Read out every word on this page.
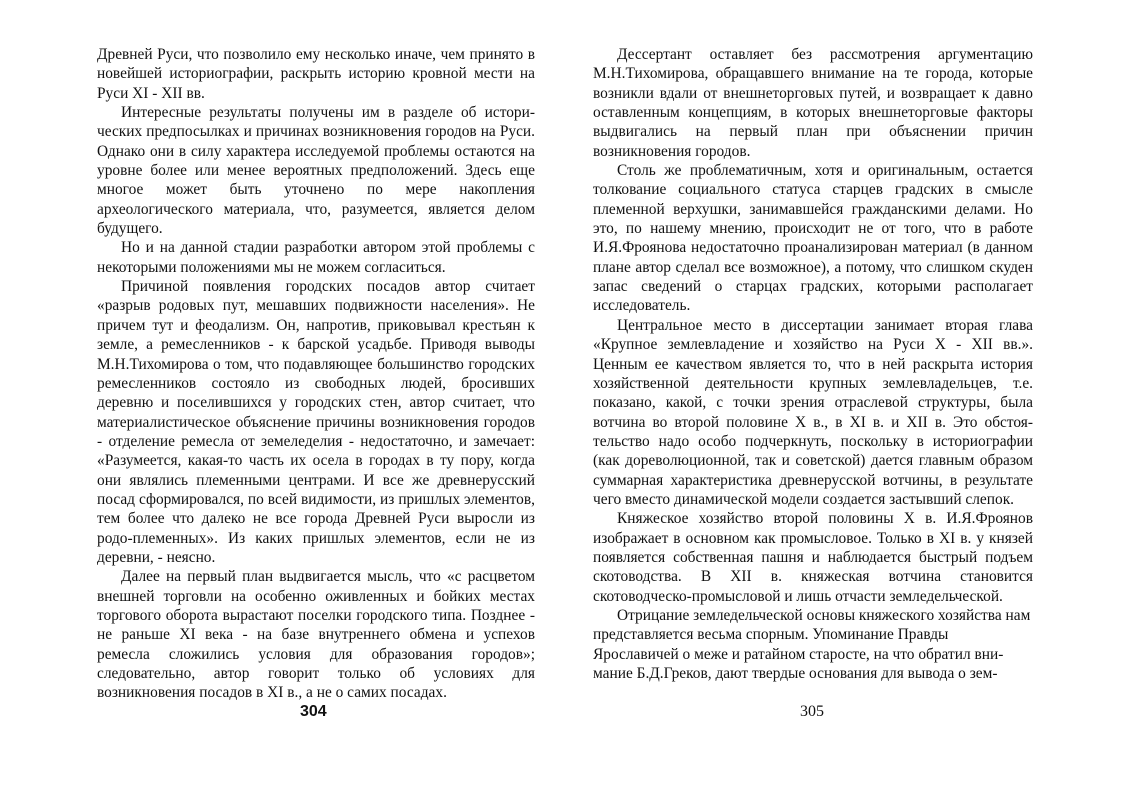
Древней Руси, что позволило ему несколько иначе, чем принято в новейшей историографии, раскрыть историю кровной мести на Руси XI - XII вв.

Интересные результаты получены им в разделе об исторических предпосылках и причинах возникновения городов на Руси. Однако они в силу характера исследуемой проблемы остаются на уровне более или менее вероятных предположений. Здесь еще многое может быть уточнено по мере накопления археологического материала, что, разумеется, является делом будущего.

Но и на данной стадии разработки автором этой проблемы с некоторыми положениями мы не можем согласиться.

Причиной появления городских посадов автор считает «разрыв родовых пут, мешавших подвижности населения». Не причем тут и феодализм. Он, напротив, приковывал крестьян к земле, а ремесленников - к барской усадьбе. Приводя выводы М.Н.Тихомирова о том, что подавляющее большинство городских ремесленников состояло из свободных людей, бросивших деревню и поселившихся у городских стен, автор считает, что материалистическое объяснение причины возникновения городов - отделение ремесла от земеледелия - недостаточно, и замечает: «Разумеется, какая-то часть их осела в городах в ту пору, когда они являлись племенными центрами. И все же древнерусский посад сформировался, по всей видимости, из пришлых элементов, тем более что далеко не все города Древней Руси выросли из родо-племенных». Из каких пришлых элементов, если не из деревни, - неясно.

Далее на первый план выдвигается мысль, что «с расцветом внешней торговли на особенно оживленных и бойких местах торгового оборота вырастают поселки городского типа. Позднее - не раньше XI века - на базе внутреннего обмена и успехов ремесла сложились условия для образования городов»; следовательно, автор говорит только об условиях для возникновения посадов в XI в., а не о самих посадах.

Дессертант оставляет без рассмотрения аргументацию М.Н.Тихомирова, обращавшего внимание на те города, которые возникли вдали от внешнеторговых путей, и возвращает к давно оставленным концепциям, в которых внешнеторговые факторы выдвигались на первый план при объяснении причин возникновения городов.

Столь же проблематичным, хотя и оригинальным, остается толкование социального статуса старцев градских в смысле племенной верхушки, занимавшейся гражданскими делами. Но это, по нашему мнению, происходит не от того, что в работе И.Я.Фроянова недостаточно проанализирован материал (в данном плане автор сделал все возможное), а потому, что слишком скуден запас сведений о старцах градских, которыми располагает исследователь.

Центральное место в диссертации занимает вторая глава «Крупное землевладение и хозяйство на Руси X - XII вв.». Ценным ее качеством является то, что в ней раскрыта история хозяйственной деятельности крупных землевладельцев, т.е. показано, какой, с точки зрения отраслевой структуры, была вотчина во второй половине X в., в XI в. и XII в. Это обстоятельство надо особо подчеркнуть, поскольку в историографии (как дореволюционной, так и советской) дается главным образом суммарная характеристика древнерусской вотчины, в результате чего вместо динамической модели создается застывший слепок.

Княжеское хозяйство второй половины X в. И.Я.Фроянов изображает в основном как промысловое. Только в XI в. у князей появляется собственная пашня и наблюдается быстрый подъем скотоводства. В XII в. княжеская вотчина становится скотоводческо-промысловой и лишь отчасти земледельческой.

Отрицание земледельческой основы княжеского хозяйства нам представляется весьма спорным. Упоминание Правды Ярославичей о меже и ратайном старосте, на что обратил внимание Б.Д.Греков, дают твердые основания для вывода о зем-

304	305
